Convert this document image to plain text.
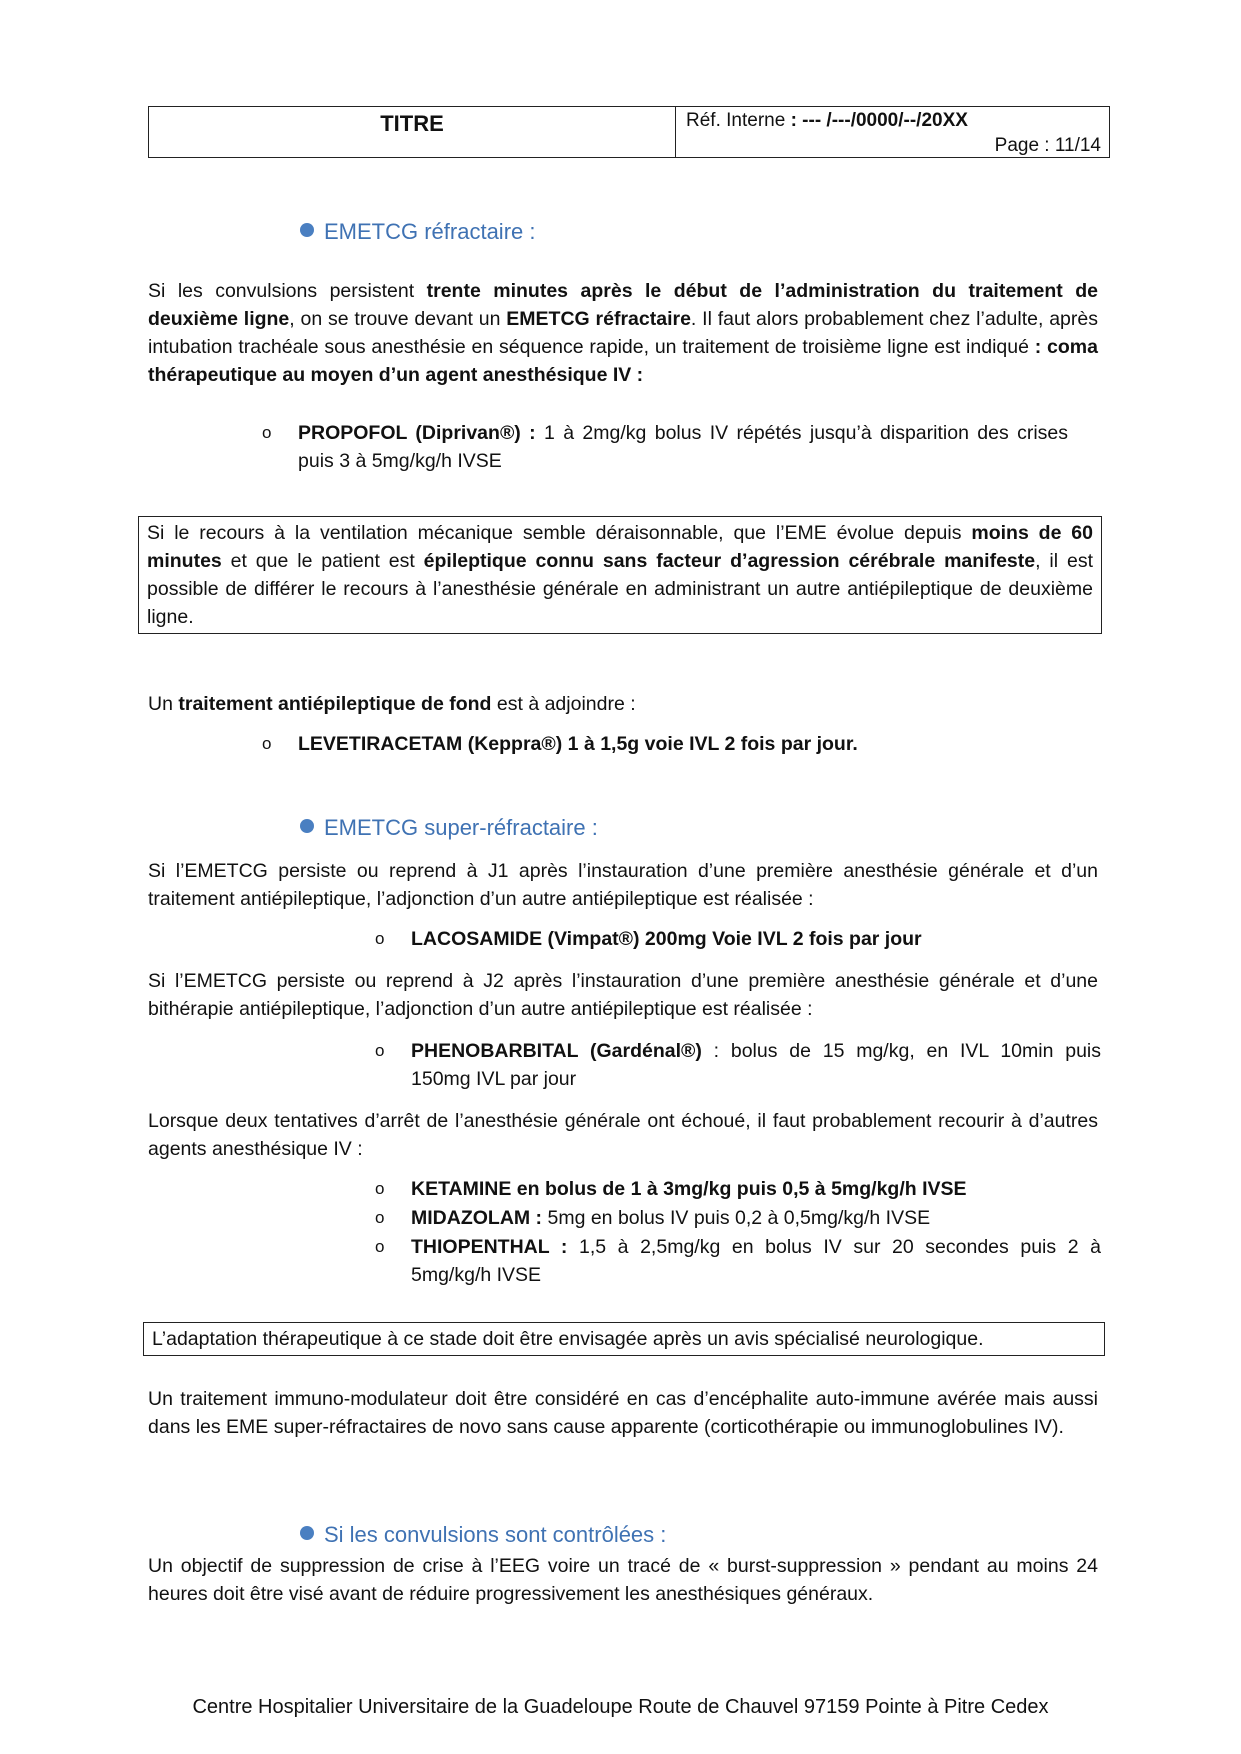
TITRE	Réf. Interne : --- /---/0000/--/20XX
Page : 11/14
EMETCG réfractaire :
Si les convulsions persistent trente minutes après le début de l’administration du traitement de deuxième ligne, on se trouve devant un EMETCG réfractaire. Il faut alors probablement chez l’adulte, après intubation trachéale sous anesthésie en séquence rapide, un traitement de troisième ligne est indiqué : coma thérapeutique au moyen d’un agent anesthésique IV :
o	PROPOFOL (Diprivan®) : 1 à 2mg/kg bolus IV répétés jusqu’à disparition des crises puis 3 à 5mg/kg/h IVSE
Si le recours à la ventilation mécanique semble déraisonnable, que l’EME évolue depuis moins de 60 minutes et que le patient est épileptique connu sans facteur d’agression cérébrale manifeste, il est possible de différer le recours à l’anesthésie générale en administrant un autre antiépileptique de deuxième ligne.
Un traitement antiépileptique de fond est à adjoindre :
o	LEVETIRACETAM (Keppra®) 1 à 1,5g voie IVL 2 fois par jour.
EMETCG super-réfractaire :
Si l’EMETCG persiste ou reprend à J1 après l’instauration d’une première anesthésie générale et d’un traitement antiépileptique, l’adjonction d’un autre antiépileptique est réalisée :
o	LACOSAMIDE (Vimpat®) 200mg Voie IVL 2 fois par jour
Si l’EMETCG persiste ou reprend à J2 après l’instauration d’une première anesthésie générale et d’une bithérapie antiépileptique, l’adjonction d’un autre antiépileptique est réalisée :
o	PHENOBARBITAL (Gardénal®) : bolus de 15 mg/kg, en IVL 10min puis 150mg IVL par jour
Lorsque deux tentatives d’arrêt de l’anesthésie générale ont échoué, il faut probablement recourir à d’autres agents anesthésique IV :
o	KETAMINE en bolus de 1 à 3mg/kg puis 0,5 à 5mg/kg/h IVSE
o	MIDAZOLAM : 5mg en bolus IV puis 0,2 à 0,5mg/kg/h IVSE
o	THIOPENTHAL : 1,5 à 2,5mg/kg en bolus IV sur 20 secondes puis 2 à 5mg/kg/h IVSE
L’adaptation thérapeutique à ce stade doit être envisagée après un avis spécialisé neurologique.
Un traitement immuno-modulateur doit être considéré en cas d’encéphalite auto-immune avérée mais aussi dans les EME super-réfractaires de novo sans cause apparente (corticothérapie ou immunoglobulines IV).
Si les convulsions sont contrôlées :
Un objectif de suppression de crise à l’EEG voire un tracé de « burst-suppression » pendant au moins 24 heures doit être visé avant de réduire progressivement les anesthésiques généraux.
Centre Hospitalier Universitaire de la Guadeloupe Route de Chauvel 97159 Pointe à Pitre Cedex
